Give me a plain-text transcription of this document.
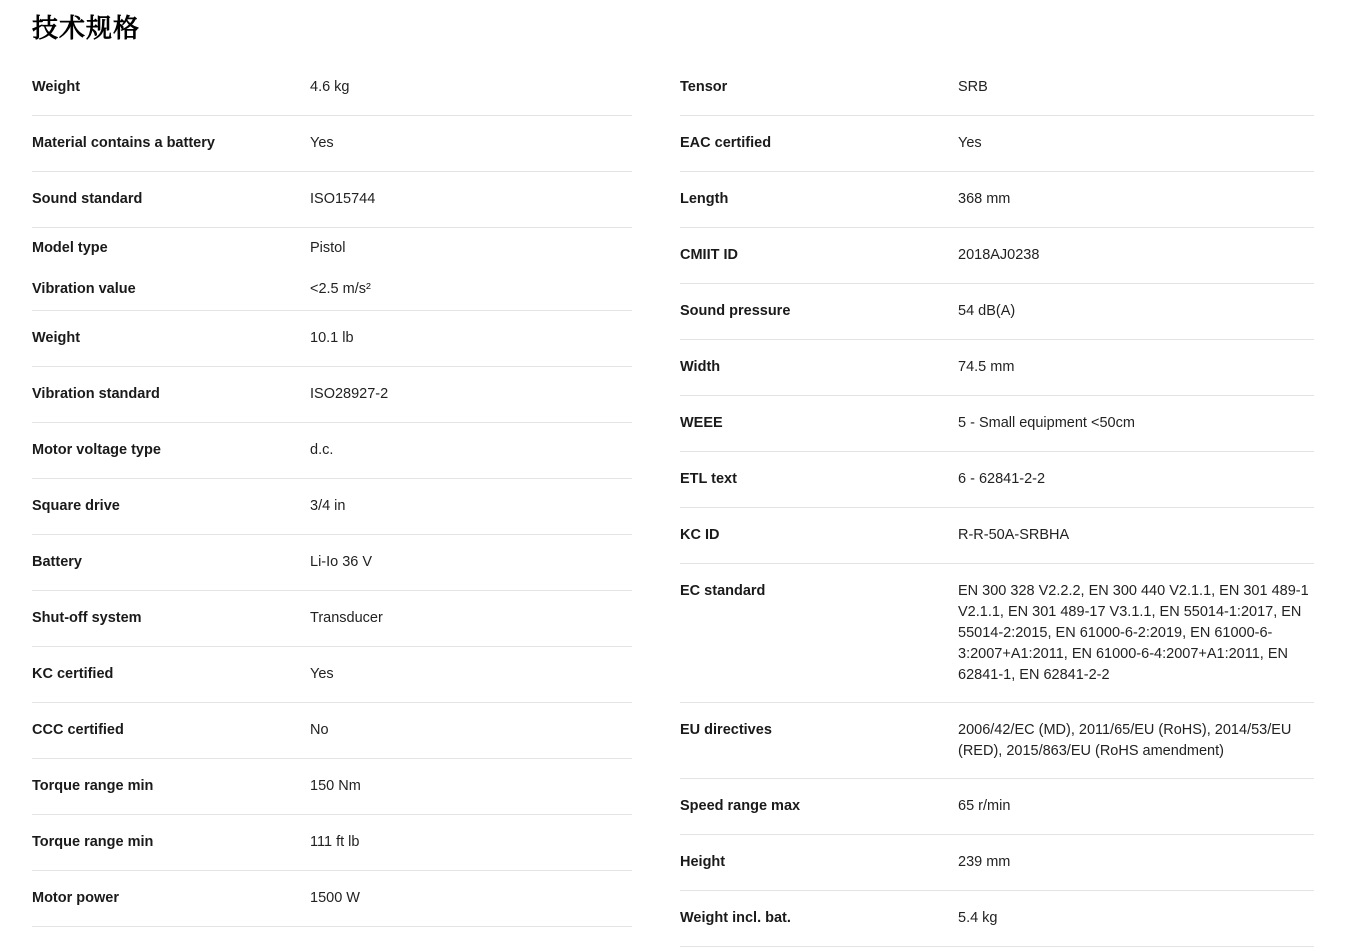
技术规格
Weight	4.6 kg
Material contains a battery	Yes
Sound standard	ISO15744
Model type	Pistol
Vibration value	<2.5 m/s²
Weight	10.1 lb
Vibration standard	ISO28927-2
Motor voltage type	d.c.
Square drive	3/4 in
Battery	Li-Io 36 V
Shut-off system	Transducer
KC certified	Yes
CCC certified	No
Torque range min	150 Nm
Torque range min	111 ft lb
Motor power	1500 W
Tensor	SRB
EAC certified	Yes
Length	368 mm
CMIIT ID	2018AJ0238
Sound pressure	54 dB(A)
Width	74.5 mm
WEEE	5 - Small equipment <50cm
ETL text	6 - 62841-2-2
KC ID	R-R-50A-SRBHA
EC standard	EN 300 328 V2.2.2, EN 300 440 V2.1.1, EN 301 489-1 V2.1.1, EN 301 489-17 V3.1.1, EN 55014-1:2017, EN 55014-2:2015, EN 61000-6-2:2019, EN 61000-6-3:2007+A1:2011, EN 61000-6-4:2007+A1:2011, EN 62841-1, EN 62841-2-2
EU directives	2006/42/EC (MD), 2011/65/EU (RoHS), 2014/53/EU (RED), 2015/863/EU (RoHS amendment)
Speed range max	65 r/min
Height	239 mm
Weight incl. bat.	5.4 kg
